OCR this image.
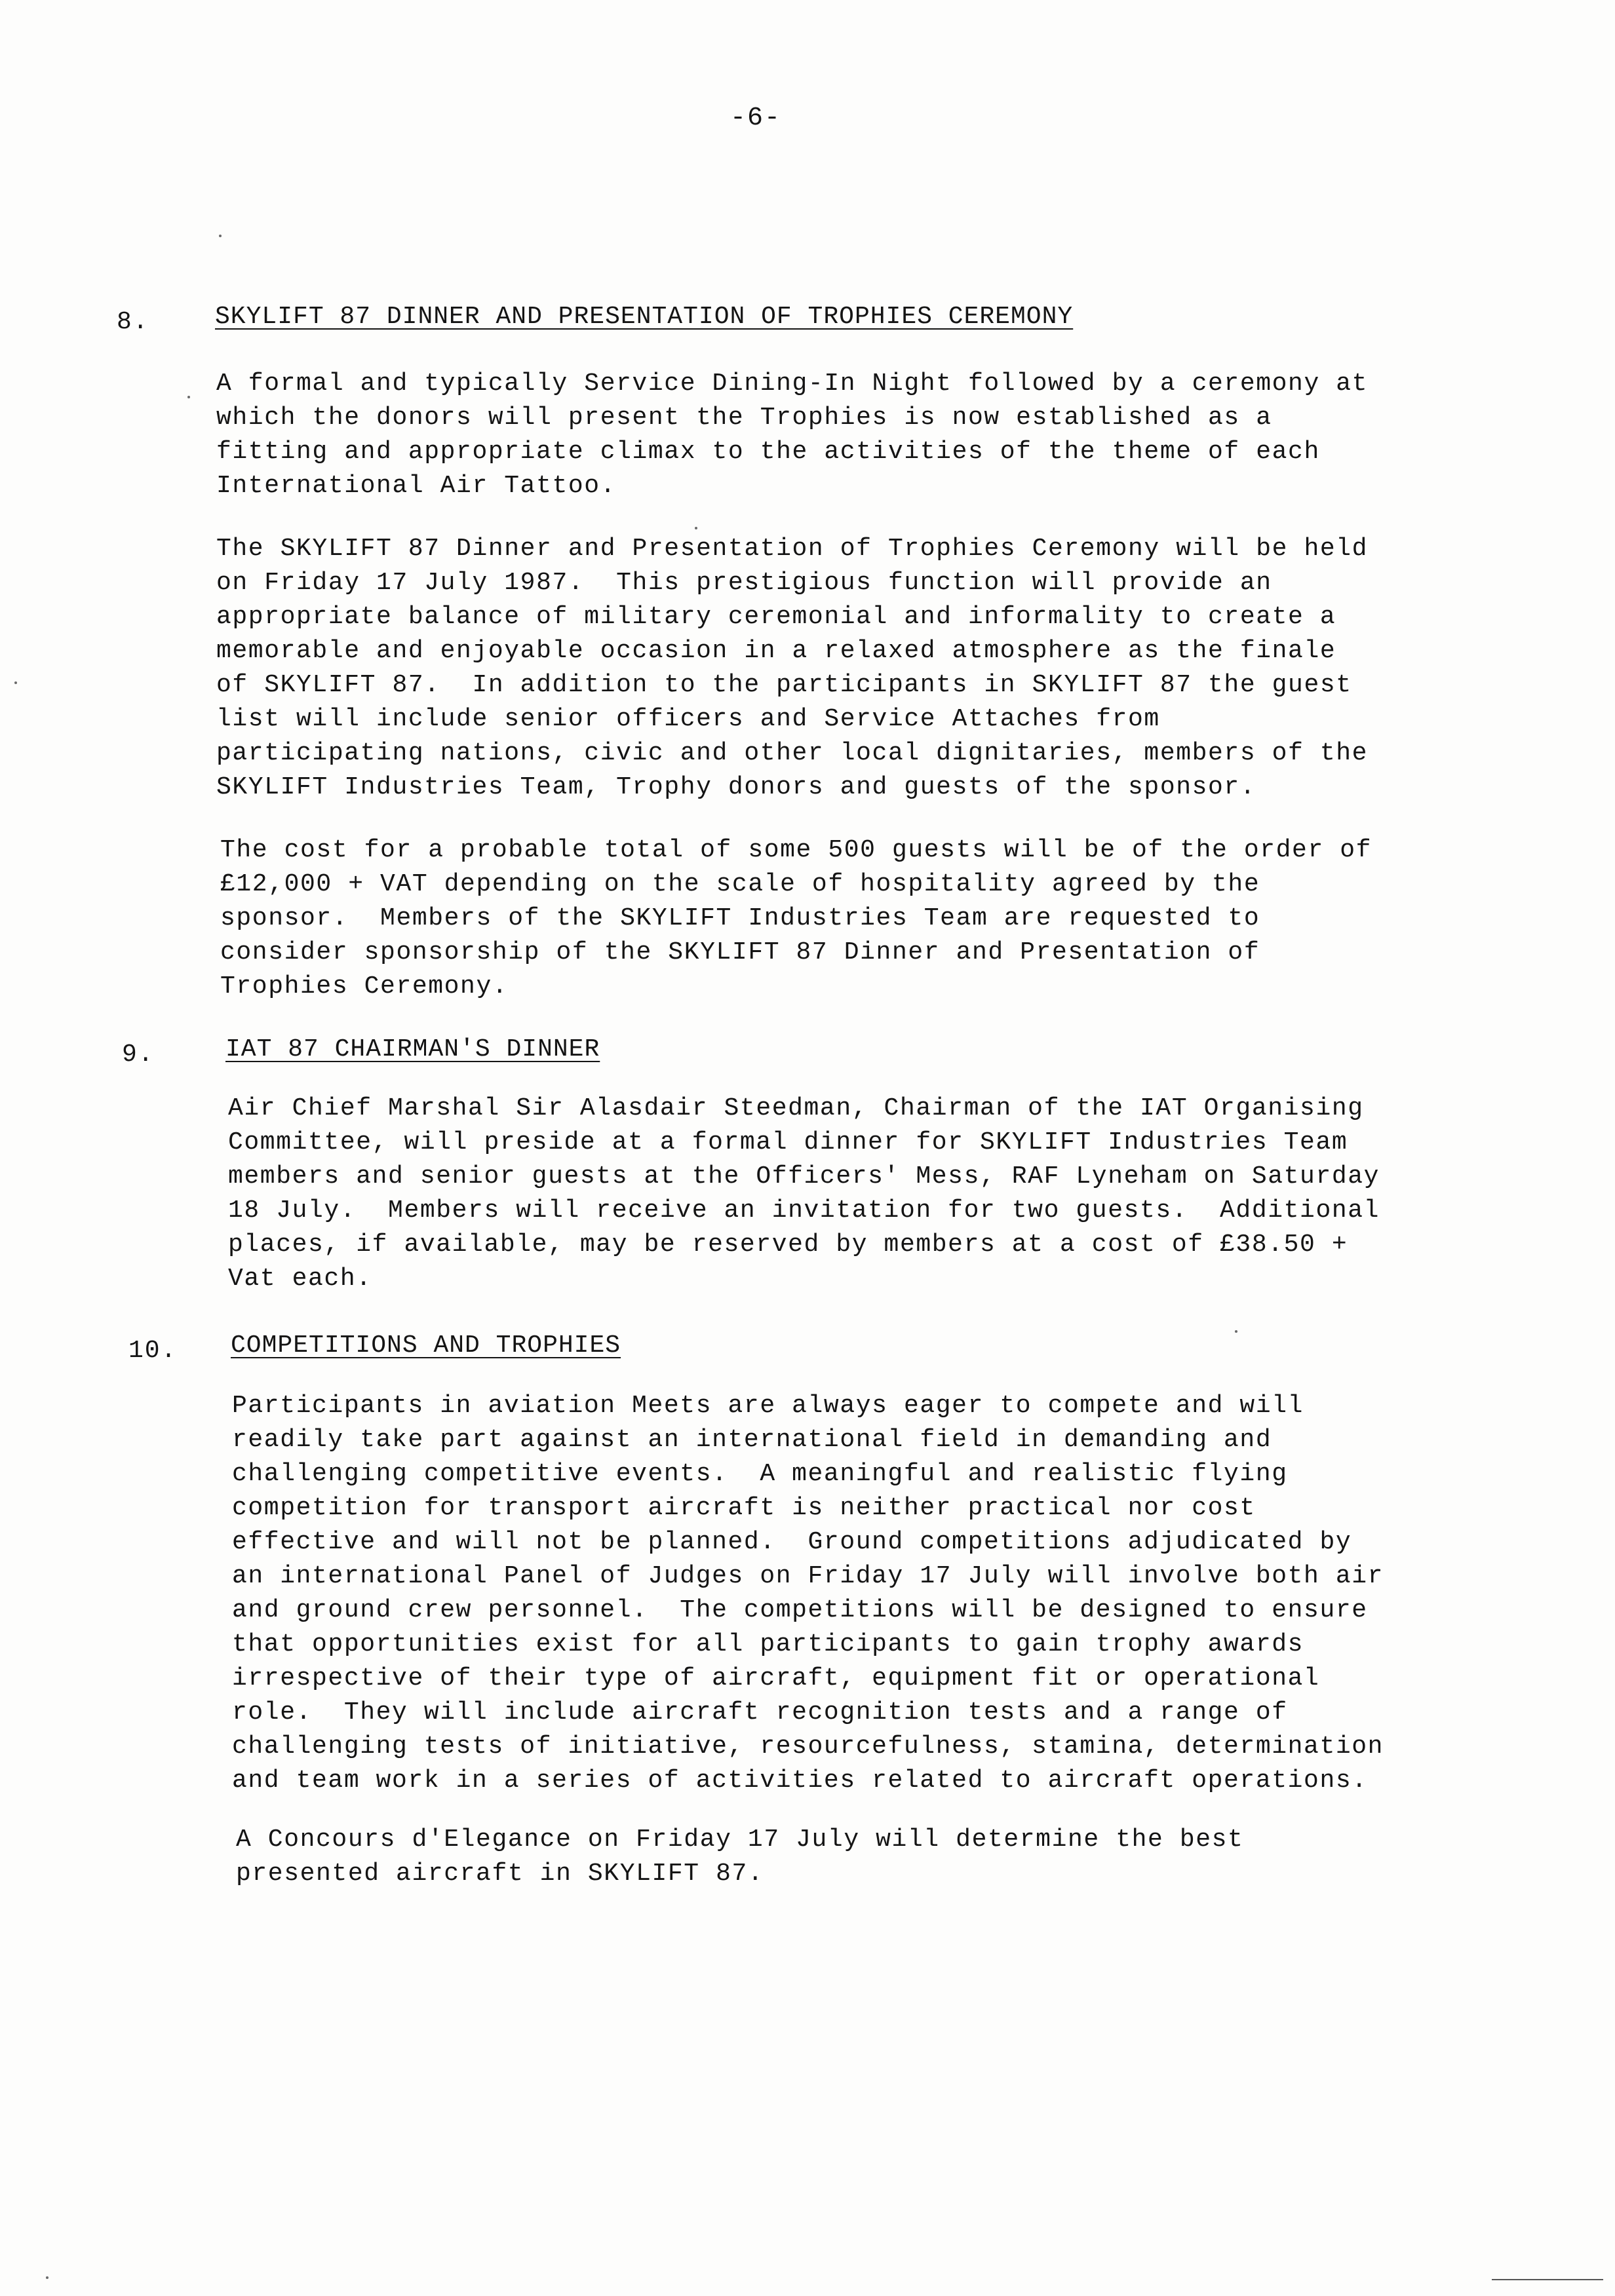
-6-
8.	SKYLIFT 87 DINNER AND PRESENTATION OF TROPHIES CEREMONY
A formal and typically Service Dining-In Night followed by a ceremony at
which the donors will present the Trophies is now established as a
fitting and appropriate climax to the activities of the theme of each
International Air Tattoo.
The SKYLIFT 87 Dinner and Presentation of Trophies Ceremony will be held
on Friday 17 July 1987.  This prestigious function will provide an
appropriate balance of military ceremonial and informality to create a
memorable and enjoyable occasion in a relaxed atmosphere as the finale
of SKYLIFT 87.  In addition to the participants in SKYLIFT 87 the guest
list will include senior officers and Service Attaches from
participating nations, civic and other local dignitaries, members of the
SKYLIFT Industries Team, Trophy donors and guests of the sponsor.
The cost for a probable total of some 500 guests will be of the order of
£12,000 + VAT depending on the scale of hospitality agreed by the
sponsor.  Members of the SKYLIFT Industries Team are requested to
consider sponsorship of the SKYLIFT 87 Dinner and Presentation of
Trophies Ceremony.
9.	IAT 87 CHAIRMAN'S DINNER
Air Chief Marshal Sir Alasdair Steedman, Chairman of the IAT Organising
Committee, will preside at a formal dinner for SKYLIFT Industries Team
members and senior guests at the Officers' Mess, RAF Lyneham on Saturday
18 July.  Members will receive an invitation for two guests.  Additional
places, if available, may be reserved by members at a cost of £38.50 +
Vat each.
10. COMPETITIONS AND TROPHIES
Participants in aviation Meets are always eager to compete and will
readily take part against an international field in demanding and
challenging competitive events.  A meaningful and realistic flying
competition for transport aircraft is neither practical nor cost
effective and will not be planned.  Ground competitions adjudicated by
an international Panel of Judges on Friday 17 July will involve both air
and ground crew personnel.  The competitions will be designed to ensure
that opportunities exist for all participants to gain trophy awards
irrespective of their type of aircraft, equipment fit or operational
role.  They will include aircraft recognition tests and a range of
challenging tests of initiative, resourcefulness, stamina, determination
and team work in a series of activities related to aircraft operations.
A Concours d'Elegance on Friday 17 July will determine the best
presented aircraft in SKYLIFT 87.
